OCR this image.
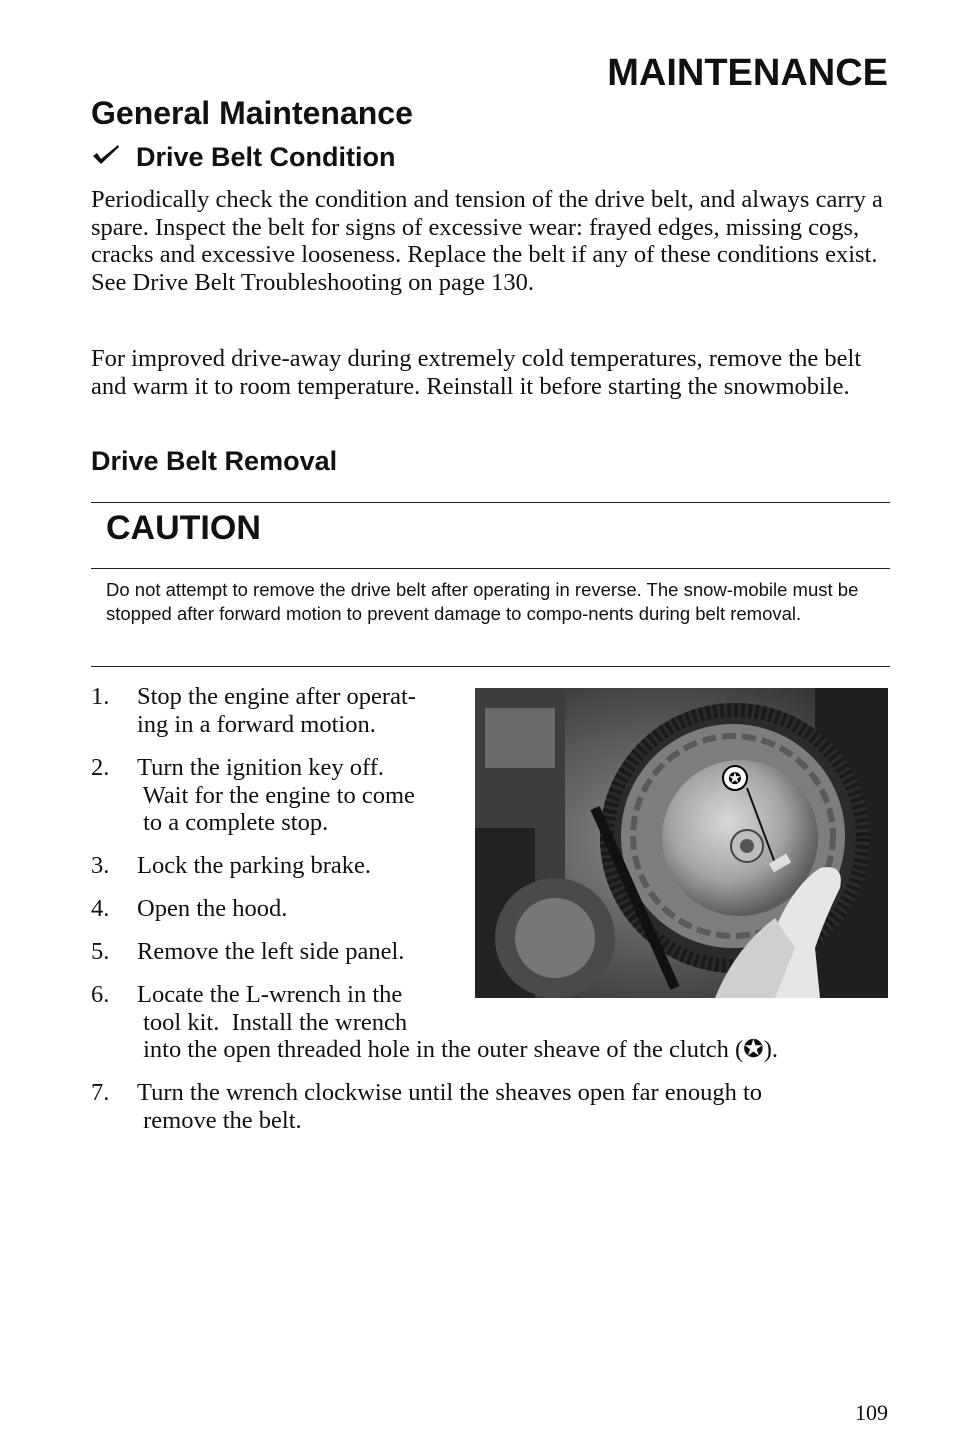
MAINTENANCE
General Maintenance
Drive Belt Condition

Periodically check the condition and tension of the drive belt, and always carry a spare. Inspect the belt for signs of excessive wear: frayed edges, missing cogs, cracks and excessive looseness. Replace the belt if any of these conditions exist. See Drive Belt Troubleshooting on page 130.

For improved drive-away during extremely cold temperatures, remove the belt and warm it to room temperature. Reinstall it before starting the snowmobile.

Drive Belt Removal
CAUTION

Do not attempt to remove the drive belt after operating in reverse. The snow-mobile must be stopped after forward motion to prevent damage to compo-nents during belt removal.

1. Stop the engine after operat-
ing in a forward motion.
2. Turn the ignition key off.
Wait for the engine to come
to a complete stop.
3. Lock the parking brake.
4. Open the hood.
5. Remove the left side panel.
6. Locate the L-wrench in the
tool kit.  Install the wrench
into the open threaded hole in the outer sheave of the clutch (✪).
7. Turn the wrench clockwise until the sheaves open far enough to
remove the belt.
✪

109
